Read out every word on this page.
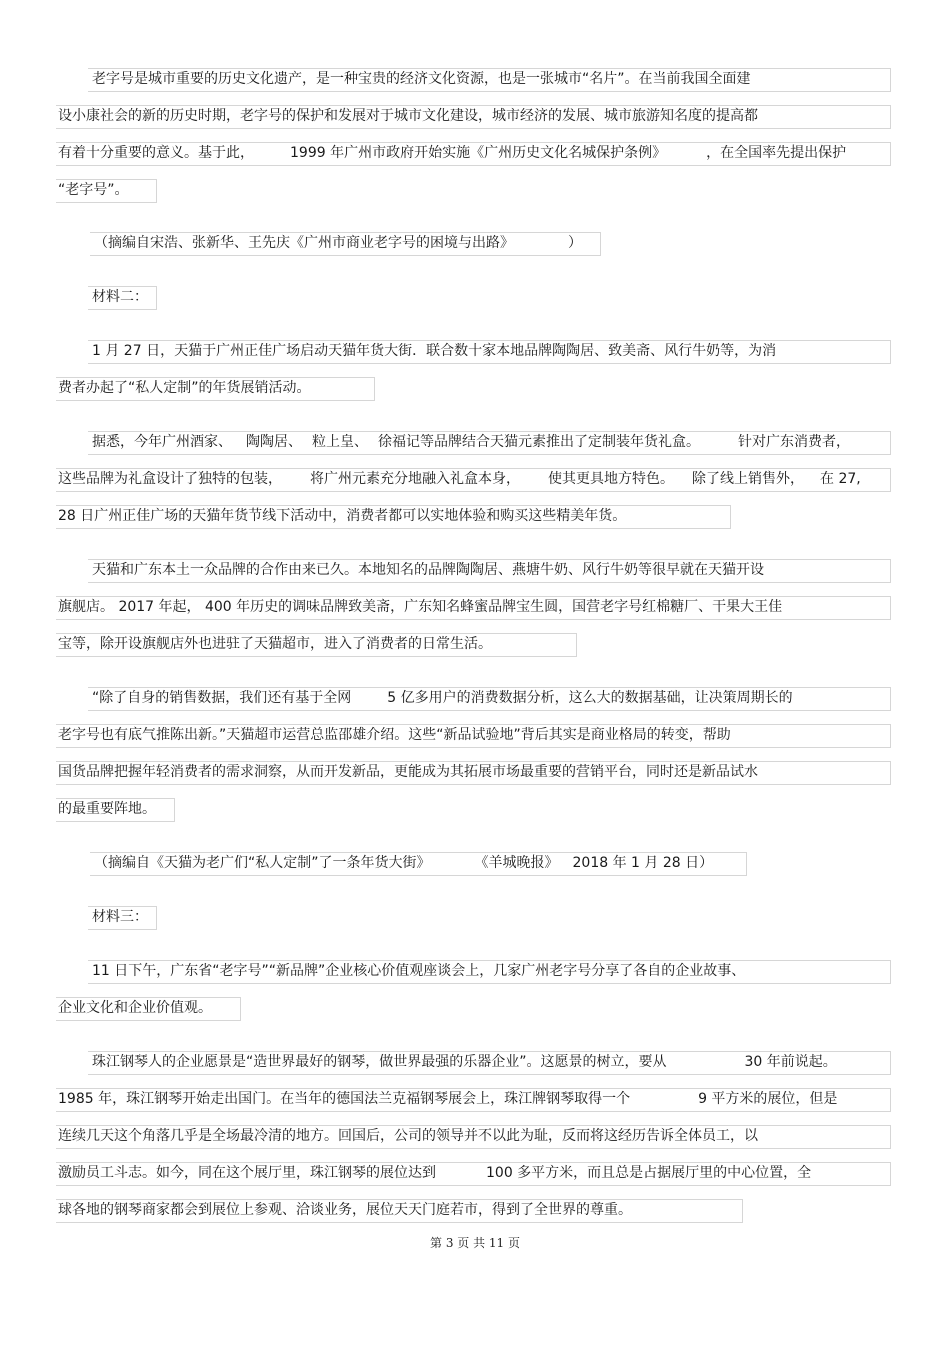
老字号是城市重要的历史文化遗产，是一种宝贵的经济文化资源，也是一张城市“名片”。在当前我国全面建
设小康社会的新的历史时期，老字号的保护和发展对于城市文化建设，城市经济的发展、城市旅游知名度的提高都
有着十分重要的意义。基于此，	1999 年广州市政府开始实施《广州历史文化名城保护条例》	，在全国率先提出保护
“老字号”。
（摘编自宋浩、张新华、王先庆《广州市商业老字号的困境与出路》	）
材料二：
1 月 27 日，天猫于广州正佳广场启动天猫年货大街．联合数十家本地品牌陶陶居、致美斋、风行牛奶等，为消
费者办起了“私人定制”的年货展销活动。
据悉，今年广州酒家、 陶陶居、 粒上皇、 徐福记等品牌结合天猫元素推出了定制装年货礼盒。	针对广东消费者，
这些品牌为礼盒设计了独特的包装， 将广州元素充分地融入礼盒本身， 使其更具地方特色。 除了线上销售外， 在 27,
28 日广州正佳广场的天猫年货节线下活动中，消费者都可以实地体验和购买这些精美年货。
天猫和广东本土一众品牌的合作由来已久。本地知名的品牌陶陶居、燕塘牛奶、风行牛奶等很早就在天猫开设
旗舰店。 2017 年起， 400 年历史的调味品牌致美斋，广东知名蜂蜜品牌宝生圆，国营老字号红棉糖厂、干果大王佳
宝等，除开设旗舰店外也进驻了天猫超市，进入了消费者的日常生活。
“除了自身的销售数据，我们还有基于全网	5 亿多用户的消费数据分析，这么大的数据基础，让决策周期长的
老字号也有底气推陈出新。”天猫超市运营总监邵雄介绍。这些“新品试验地”背后其实是商业格局的转变，帮助
国货品牌把握年轻消费者的需求洞察，从而开发新品，更能成为其拓展市场最重要的营销平台，同时还是新品试水
的最重要阵地。
（摘编自《天猫为老广们“私人定制”了一条年货大街》	《羊城晚报》 2018 年 1 月 28 日）
材料三：
11 日下午，广东省“老字号”“新品牌”企业核心价值观座谈会上，几家广州老字号分享了各自的企业故事、
企业文化和企业价值观。
珠江钢琴人的企业愿景是“造世界最好的钢琴，做世界最强的乐器企业”。这愿景的树立，要从	30 年前说起。
1985 年，珠江钢琴开始走出国门。在当年的德国法兰克福钢琴展会上，珠江牌钢琴取得一个	9 平方米的展位，但是
连续几天这个角落几乎是全场最冷清的地方。回国后，公司的领导并不以此为耻，反而将这经历告诉全体员工，以
激励员工斗志。如今，同在这个展厅里，珠江钢琴的展位达到	100 多平方米，而且总是占据展厅里的中心位置，全
球各地的钢琴商家都会到展位上参观、洽谈业务，展位天天门庭若市，得到了全世界的尊重。
第 3 页 共 11 页
